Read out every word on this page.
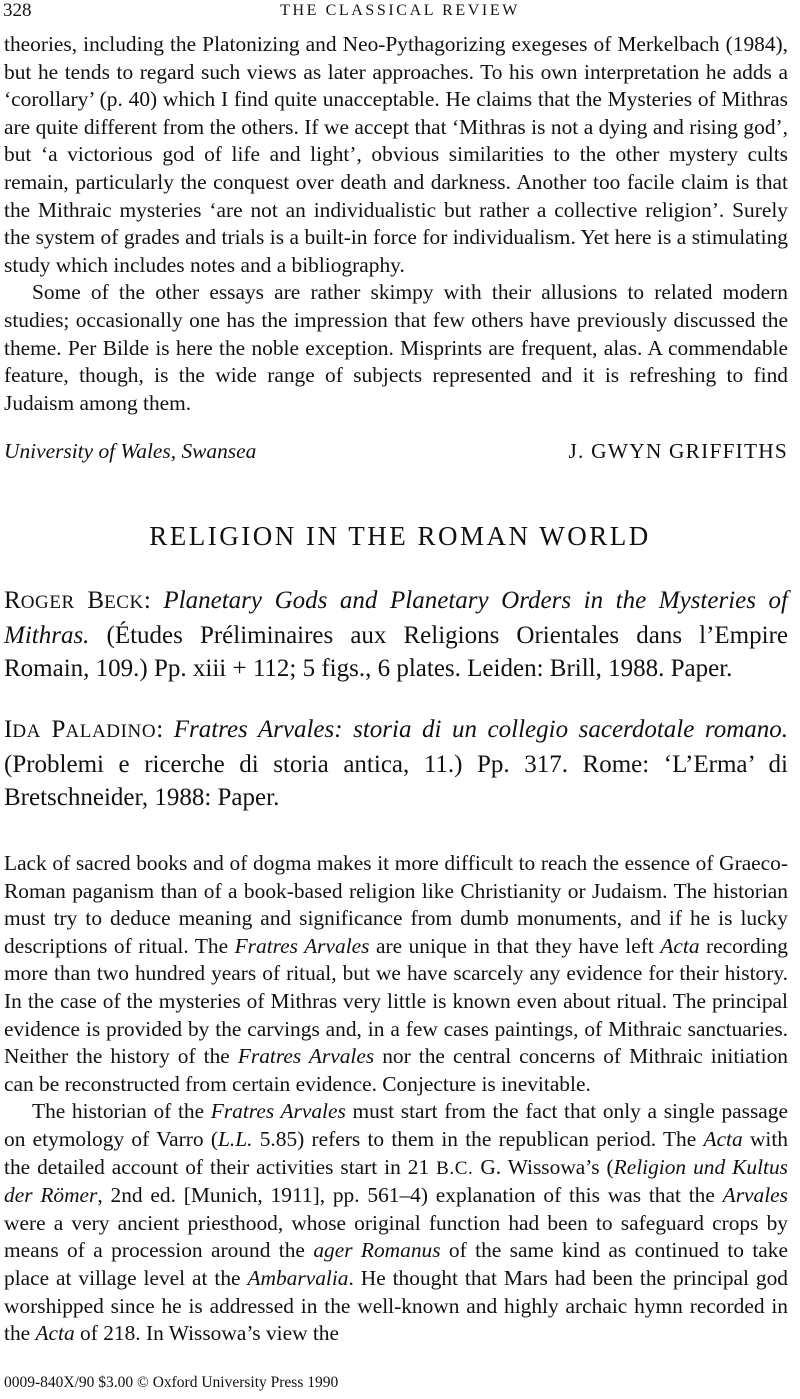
328	THE CLASSICAL REVIEW

theories, including the Platonizing and Neo-Pythagorizing exegeses of Merkelbach (1984), but he tends to regard such views as later approaches. To his own interpretation he adds a ‘corollary’ (p. 40) which I find quite unacceptable. He claims that the Mysteries of Mithras are quite different from the others. If we accept that ‘Mithras is not a dying and rising god’, but ‘a victorious god of life and light’, obvious similarities to the other mystery cults remain, particularly the conquest over death and darkness. Another too facile claim is that the Mithraic mysteries ‘are not an individualistic but rather a collective religion’. Surely the system of grades and trials is a built-in force for individualism. Yet here is a stimulating study which includes notes and a bibliography.

Some of the other essays are rather skimpy with their allusions to related modern studies; occasionally one has the impression that few others have previously discussed the theme. Per Bilde is here the noble exception. Misprints are frequent, alas. A commendable feature, though, is the wide range of subjects represented and it is refreshing to find Judaism among them.

University of Wales, Swansea	J. GWYN GRIFFITHS
RELIGION IN THE ROMAN WORLD
ROGER BECK: Planetary Gods and Planetary Orders in the Mysteries of Mithras. (Études Préliminaires aux Religions Orientales dans l’Empire Romain, 109.) Pp. xiii + 112; 5 figs., 6 plates. Leiden: Brill, 1988. Paper.
IDA PALADINO: Fratres Arvales: storia di un collegio sacerdotale romano. (Problemi e ricerche di storia antica, 11.) Pp. 317. Rome: ‘L’Erma’ di Bretschneider, 1988: Paper.

Lack of sacred books and of dogma makes it more difficult to reach the essence of Graeco-Roman paganism than of a book-based religion like Christianity or Judaism. The historian must try to deduce meaning and significance from dumb monuments, and if he is lucky descriptions of ritual. The Fratres Arvales are unique in that they have left Acta recording more than two hundred years of ritual, but we have scarcely any evidence for their history. In the case of the mysteries of Mithras very little is known even about ritual. The principal evidence is provided by the carvings and, in a few cases paintings, of Mithraic sanctuaries. Neither the history of the Fratres Arvales nor the central concerns of Mithraic initiation can be reconstructed from certain evidence. Conjecture is inevitable.

The historian of the Fratres Arvales must start from the fact that only a single passage on etymology of Varro (L.L. 5.85) refers to them in the republican period. The Acta with the detailed account of their activities start in 21 B.C. G. Wissowa’s (Religion und Kultus der Römer, 2nd ed. [Munich, 1911], pp. 561–4) explanation of this was that the Arvales were a very ancient priesthood, whose original function had been to safeguard crops by means of a procession around the ager Romanus of the same kind as continued to take place at village level at the Ambarvalia. He thought that Mars had been the principal god worshipped since he is addressed in the well-known and highly archaic hymn recorded in the Acta of 218. In Wissowa’s view the

0009-840X/90 $3.00 © Oxford University Press 1990
